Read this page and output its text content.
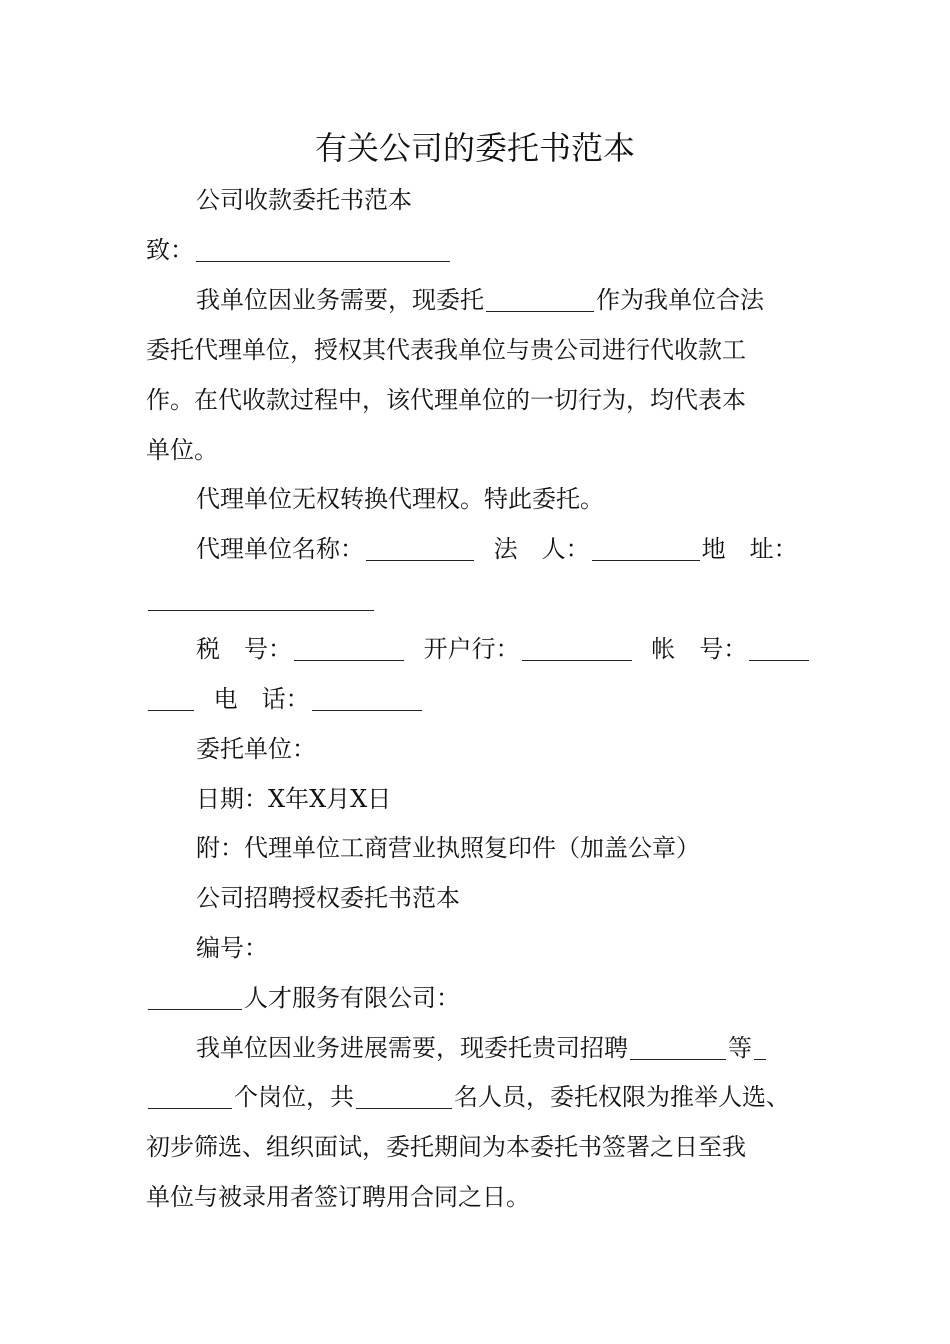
有关公司的委托书范本
公司收款委托书范本
致：
我单位因业务需要，现委托	作为我单位合法
委托代理单位，授权其代表我单位与贵公司进行代收款工
作。在代收款过程中，该代理单位的一切行为，均代表本
单位。
代理单位无权转换代理权。特此委托。
代理单位名称：	法　人：	地　址：
税　号：	开户行：	帐　号：
电　话：
委托单位：
日期：X年X月X日
附：代理单位工商营业执照复印件（加盖公章）
公司招聘授权委托书范本
编号：
人才服务有限公司：
我单位因业务进展需要，现委托贵司招聘	等
个岗位，共	名人员，委托权限为推举人选、
初步筛选、组织面试，委托期间为本委托书签署之日至我
单位与被录用者签订聘用合同之日。
